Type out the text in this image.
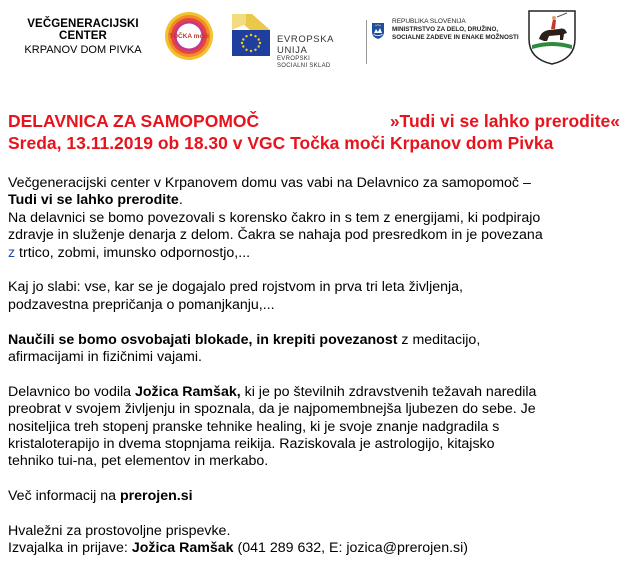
VEČGENERACIJSKI CENTER
KRPANOV DOM PIVKA
TOČKA moči	EVROPSKA UNIJA
EVROPSKI
SOCIALNI SKLAD
REPUBLIKA SLOVENIJA
MINISTRSTVO ZA DELO, DRUŽINO,
SOCIALNE ZADEVE IN ENAKE MOŽNOSTI
DELAVNICA ZA SAMOPOMOČ	»Tudi vi se lahko prerodite«
Sreda, 13.11.2019 ob 18.30 v VGC Točka moči Krpanov dom Pivka

Večgeneracijski center v Krpanovem domu vas vabi na Delavnico za samopomoč –

Tudi vi se lahko prerodite.

Na delavnici se bomo povezovali s korensko čakro in s tem z energijami, ki podpirajo

zdravje in služenje denarja z delom. Čakra se nahaja pod presredkom in je povezana

z trtico, zobmi, imunsko odpornostjo,...

Kaj jo slabi: vse, kar se je dogajalo pred rojstvom in prva tri leta življenja,

podzavestna prepričanja o pomanjkanju,...

Naučili se bomo osvobajati blokade, in krepiti povezanost z meditacijo,

afirmacijami in fizičnimi vajami.

Delavnico bo vodila Jožica Ramšak, ki je po številnih zdravstvenih težavah naredila

preobrat v svojem življenju in spoznala, da je najpomembnejša ljubezen do sebe. Je

nositeljica treh stopenj pranske tehnike healing, ki je svoje znanje nadgradila s

kristaloterapijo in dvema stopnjama reikija. Raziskovala je astrologijo, kitajsko

tehniko tui-na, pet elementov in merkabo.

Več informacij na prerojen.si

Hvaležni za prostovoljne prispevke.

Izvajalka in prijave: Jožica Ramšak (041 289 632, E: jozica@prerojen.si)
